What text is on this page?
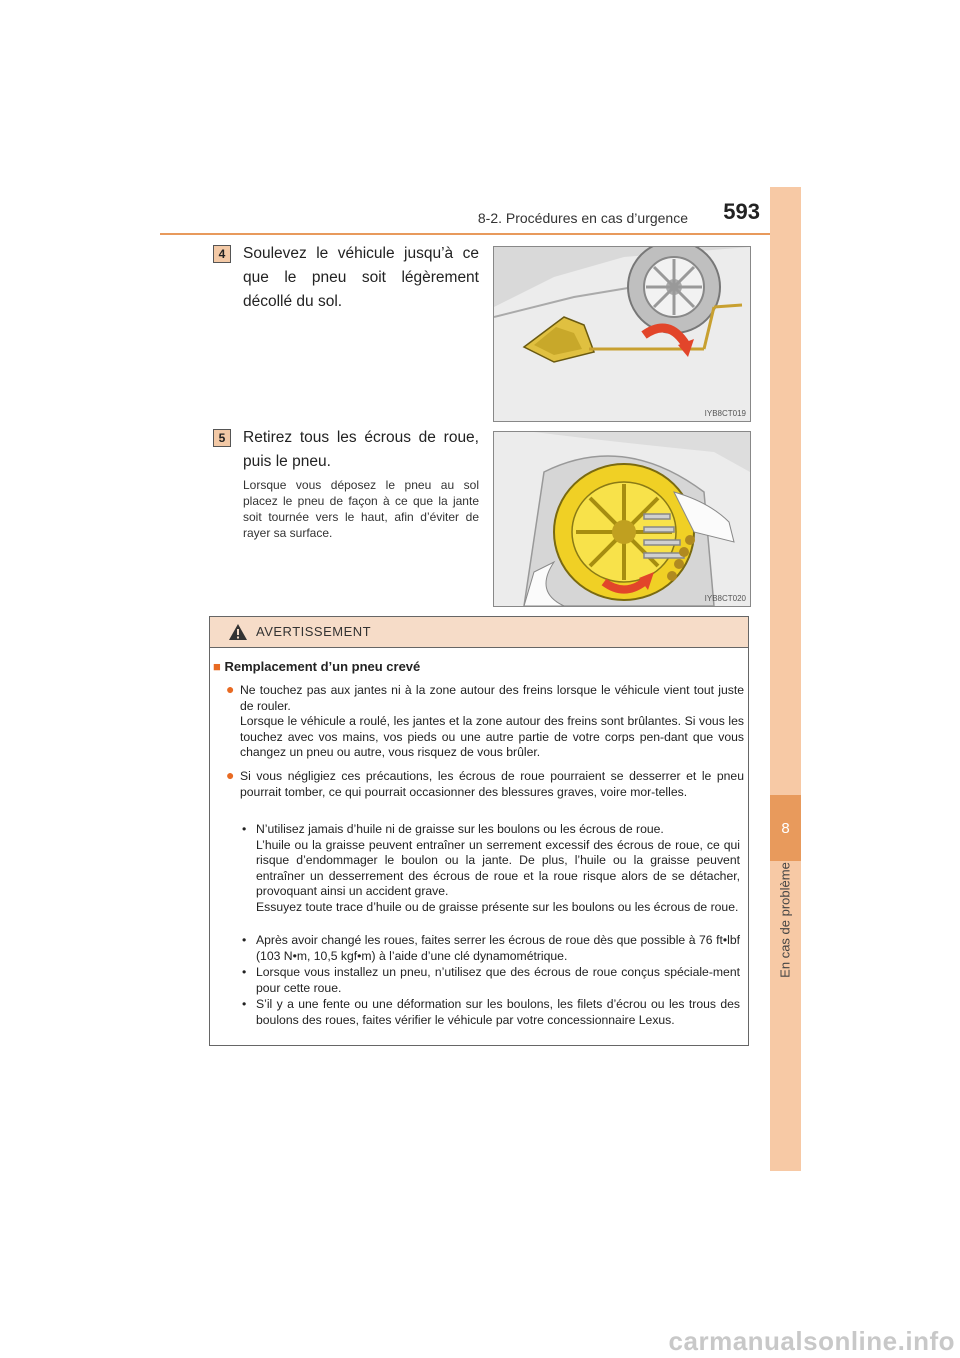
8-2. Procédures en cas d’urgence	593
8
En cas de problème
4	Soulevez le véhicule jusqu’à ce que le pneu soit légèrement décollé du sol.
IYB8CT019
5	Retirez tous les écrous de roue, puis le pneu.
Lorsque vous déposez le pneu au sol placez le pneu de façon à ce que la jante soit tournée vers le haut, afin d’éviter de rayer sa surface.
IYB8CT020
AVERTISSEMENT
■ Remplacement d’un pneu crevé
● Ne touchez pas aux jantes ni à la zone autour des freins lorsque le véhicule vient tout juste de rouler.
Lorsque le véhicule a roulé, les jantes et la zone autour des freins sont brûlantes. Si vous les touchez avec vos mains, vos pieds ou une autre partie de votre corps pen-dant que vous changez un pneu ou autre, vous risquez de vous brûler.
● Si vous négligiez ces précautions, les écrous de roue pourraient se desserrer et le pneu pourrait tomber, ce qui pourrait occasionner des blessures graves, voire mor-telles.
• N’utilisez jamais d’huile ni de graisse sur les boulons ou les écrous de roue.
L’huile ou la graisse peuvent entraîner un serrement excessif des écrous de roue, ce qui risque d’endommager le boulon ou la jante. De plus, l’huile ou la graisse peuvent entraîner un desserrement des écrous de roue et la roue risque alors de se détacher, provoquant ainsi un accident grave.
Essuyez toute trace d’huile ou de graisse présente sur les boulons ou les écrous de roue.
• Après avoir changé les roues, faites serrer les écrous de roue dès que possible à 76 ft•lbf (103 N•m, 10,5 kgf•m) à l’aide d’une clé dynamométrique.
• Lorsque vous installez un pneu, n’utilisez que des écrous de roue conçus spéciale-ment pour cette roue.
• S’il y a une fente ou une déformation sur les boulons, les filets d’écrou ou les trous des boulons des roues, faites vérifier le véhicule par votre concessionnaire Lexus.
carmanualsonline.info
